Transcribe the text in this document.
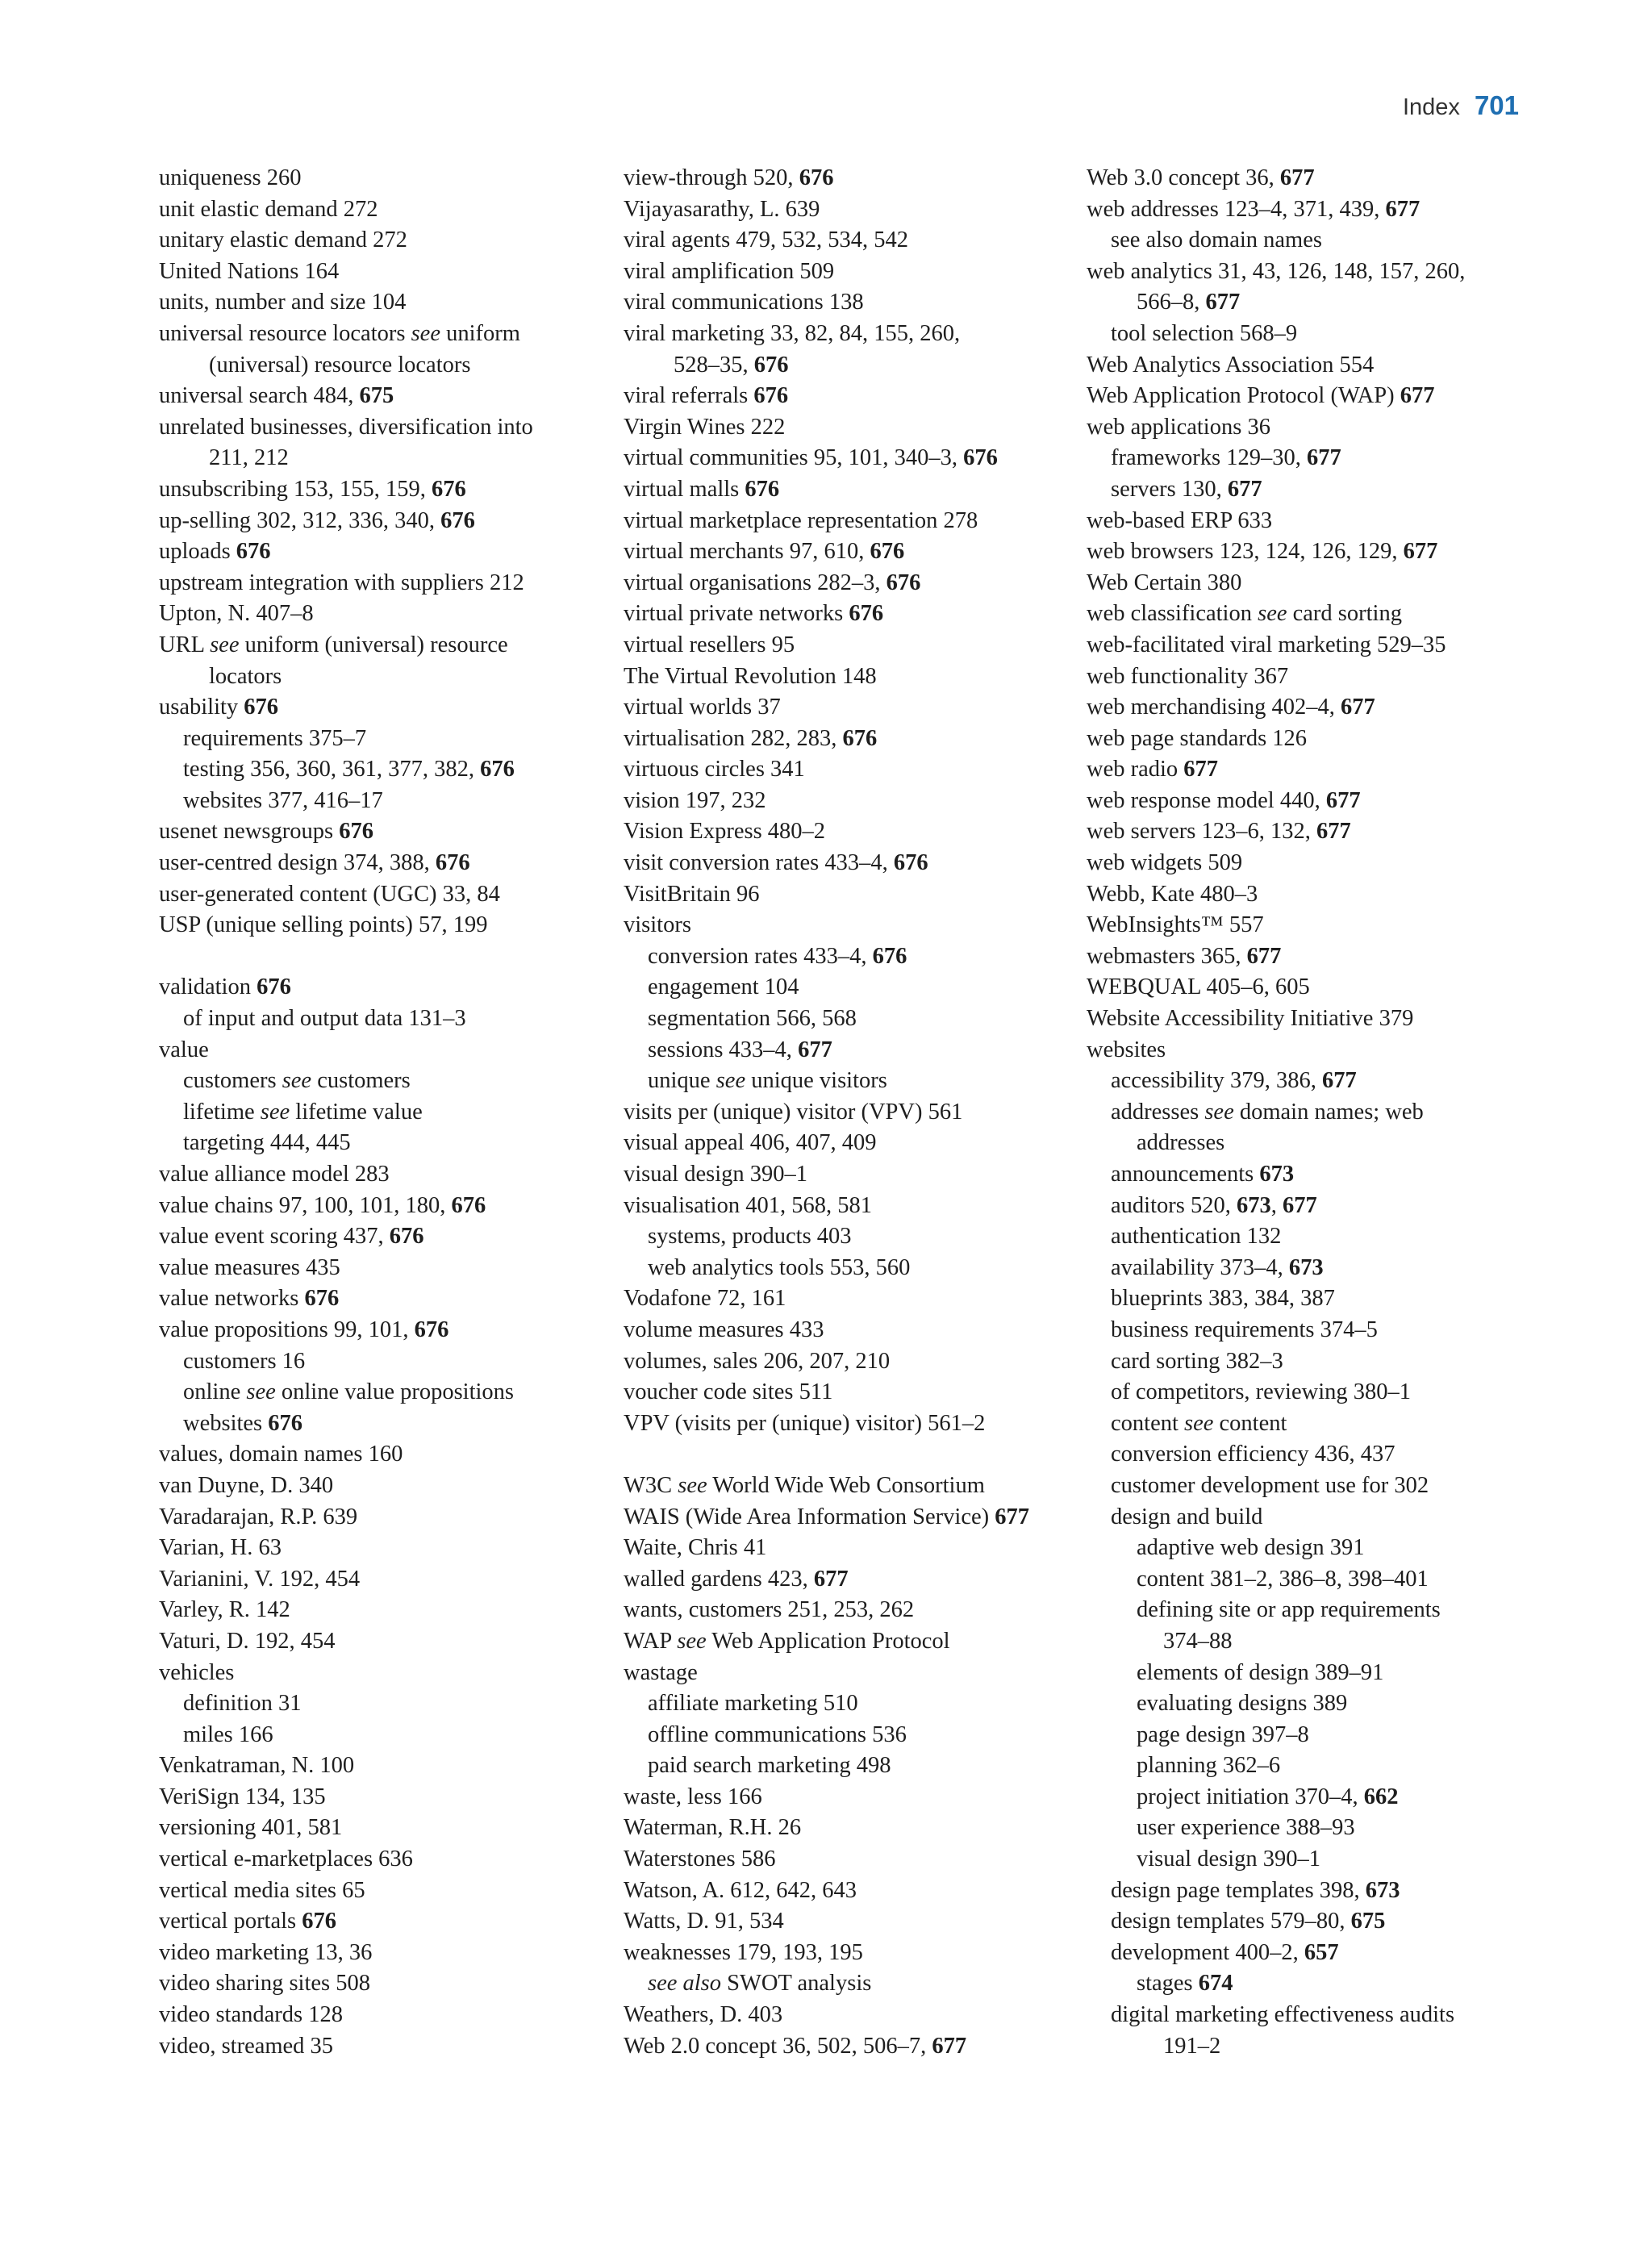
Index 701
uniqueness 260
unit elastic demand 272
unitary elastic demand 272
United Nations 164
units, number and size 104
universal resource locators see uniform
(universal) resource locators
universal search 484, 675
unrelated businesses, diversification into
211, 212
unsubscribing 153, 155, 159, 676
up-selling 302, 312, 336, 340, 676
uploads 676
upstream integration with suppliers 212
Upton, N. 407–8
URL see uniform (universal) resource
locators
usability 676
requirements 375–7
testing 356, 360, 361, 377, 382, 676
websites 377, 416–17
usenet newsgroups 676
user-centred design 374, 388, 676
user-generated content (UGC) 33, 84
USP (unique selling points) 57, 199
validation 676
of input and output data 131–3
value
customers see customers
lifetime see lifetime value
targeting 444, 445
value alliance model 283
value chains 97, 100, 101, 180, 676
value event scoring 437, 676
value measures 435
value networks 676
value propositions 99, 101, 676
customers 16
online see online value propositions
websites 676
values, domain names 160
van Duyne, D. 340
Varadarajan, R.P. 639
Varian, H. 63
Varianini, V. 192, 454
Varley, R. 142
Vaturi, D. 192, 454
vehicles
definition 31
miles 166
Venkatraman, N. 100
VeriSign 134, 135
versioning 401, 581
vertical e-marketplaces 636
vertical media sites 65
vertical portals 676
video marketing 13, 36
video sharing sites 508
video standards 128
video, streamed 35
view-through 520, 676
Vijayasarathy, L. 639
viral agents 479, 532, 534, 542
viral amplification 509
viral communications 138
viral marketing 33, 82, 84, 155, 260,
528–35, 676
viral referrals 676
Virgin Wines 222
virtual communities 95, 101, 340–3, 676
virtual malls 676
virtual marketplace representation 278
virtual merchants 97, 610, 676
virtual organisations 282–3, 676
virtual private networks 676
virtual resellers 95
The Virtual Revolution 148
virtual worlds 37
virtualisation 282, 283, 676
virtuous circles 341
vision 197, 232
Vision Express 480–2
visit conversion rates 433–4, 676
VisitBritain 96
visitors
conversion rates 433–4, 676
engagement 104
segmentation 566, 568
sessions 433–4, 677
unique see unique visitors
visits per (unique) visitor (VPV) 561
visual appeal 406, 407, 409
visual design 390–1
visualisation 401, 568, 581
systems, products 403
web analytics tools 553, 560
Vodafone 72, 161
volume measures 433
volumes, sales 206, 207, 210
voucher code sites 511
VPV (visits per (unique) visitor) 561–2
W3C see World Wide Web Consortium
WAIS (Wide Area Information Service) 677
Waite, Chris 41
walled gardens 423, 677
wants, customers 251, 253, 262
WAP see Web Application Protocol
wastage
affiliate marketing 510
offline communications 536
paid search marketing 498
waste, less 166
Waterman, R.H. 26
Waterstones 586
Watson, A. 612, 642, 643
Watts, D. 91, 534
weaknesses 179, 193, 195
see also SWOT analysis
Weathers, D. 403
Web 2.0 concept 36, 502, 506–7, 677
Web 3.0 concept 36, 677
web addresses 123–4, 371, 439, 677
see also domain names
web analytics 31, 43, 126, 148, 157, 260,
566–8, 677
tool selection 568–9
Web Analytics Association 554
Web Application Protocol (WAP) 677
web applications 36
frameworks 129–30, 677
servers 130, 677
web-based ERP 633
web browsers 123, 124, 126, 129, 677
Web Certain 380
web classification see card sorting
web-facilitated viral marketing 529–35
web functionality 367
web merchandising 402–4, 677
web page standards 126
web radio 677
web response model 440, 677
web servers 123–6, 132, 677
web widgets 509
Webb, Kate 480–3
WebInsights™ 557
webmasters 365, 677
WEBQUAL 405–6, 605
Website Accessibility Initiative 379
websites
accessibility 379, 386, 677
addresses see domain names; web
addresses
announcements 673
auditors 520, 673, 677
authentication 132
availability 373–4, 673
blueprints 383, 384, 387
business requirements 374–5
card sorting 382–3
of competitors, reviewing 380–1
content see content
conversion efficiency 436, 437
customer development use for 302
design and build
adaptive web design 391
content 381–2, 386–8, 398–401
defining site or app requirements
374–88
elements of design 389–91
evaluating designs 389
page design 397–8
planning 362–6
project initiation 370–4, 662
user experience 388–93
visual design 390–1
design page templates 398, 673
design templates 579–80, 675
development 400–2, 657
stages 674
digital marketing effectiveness audits
191–2
